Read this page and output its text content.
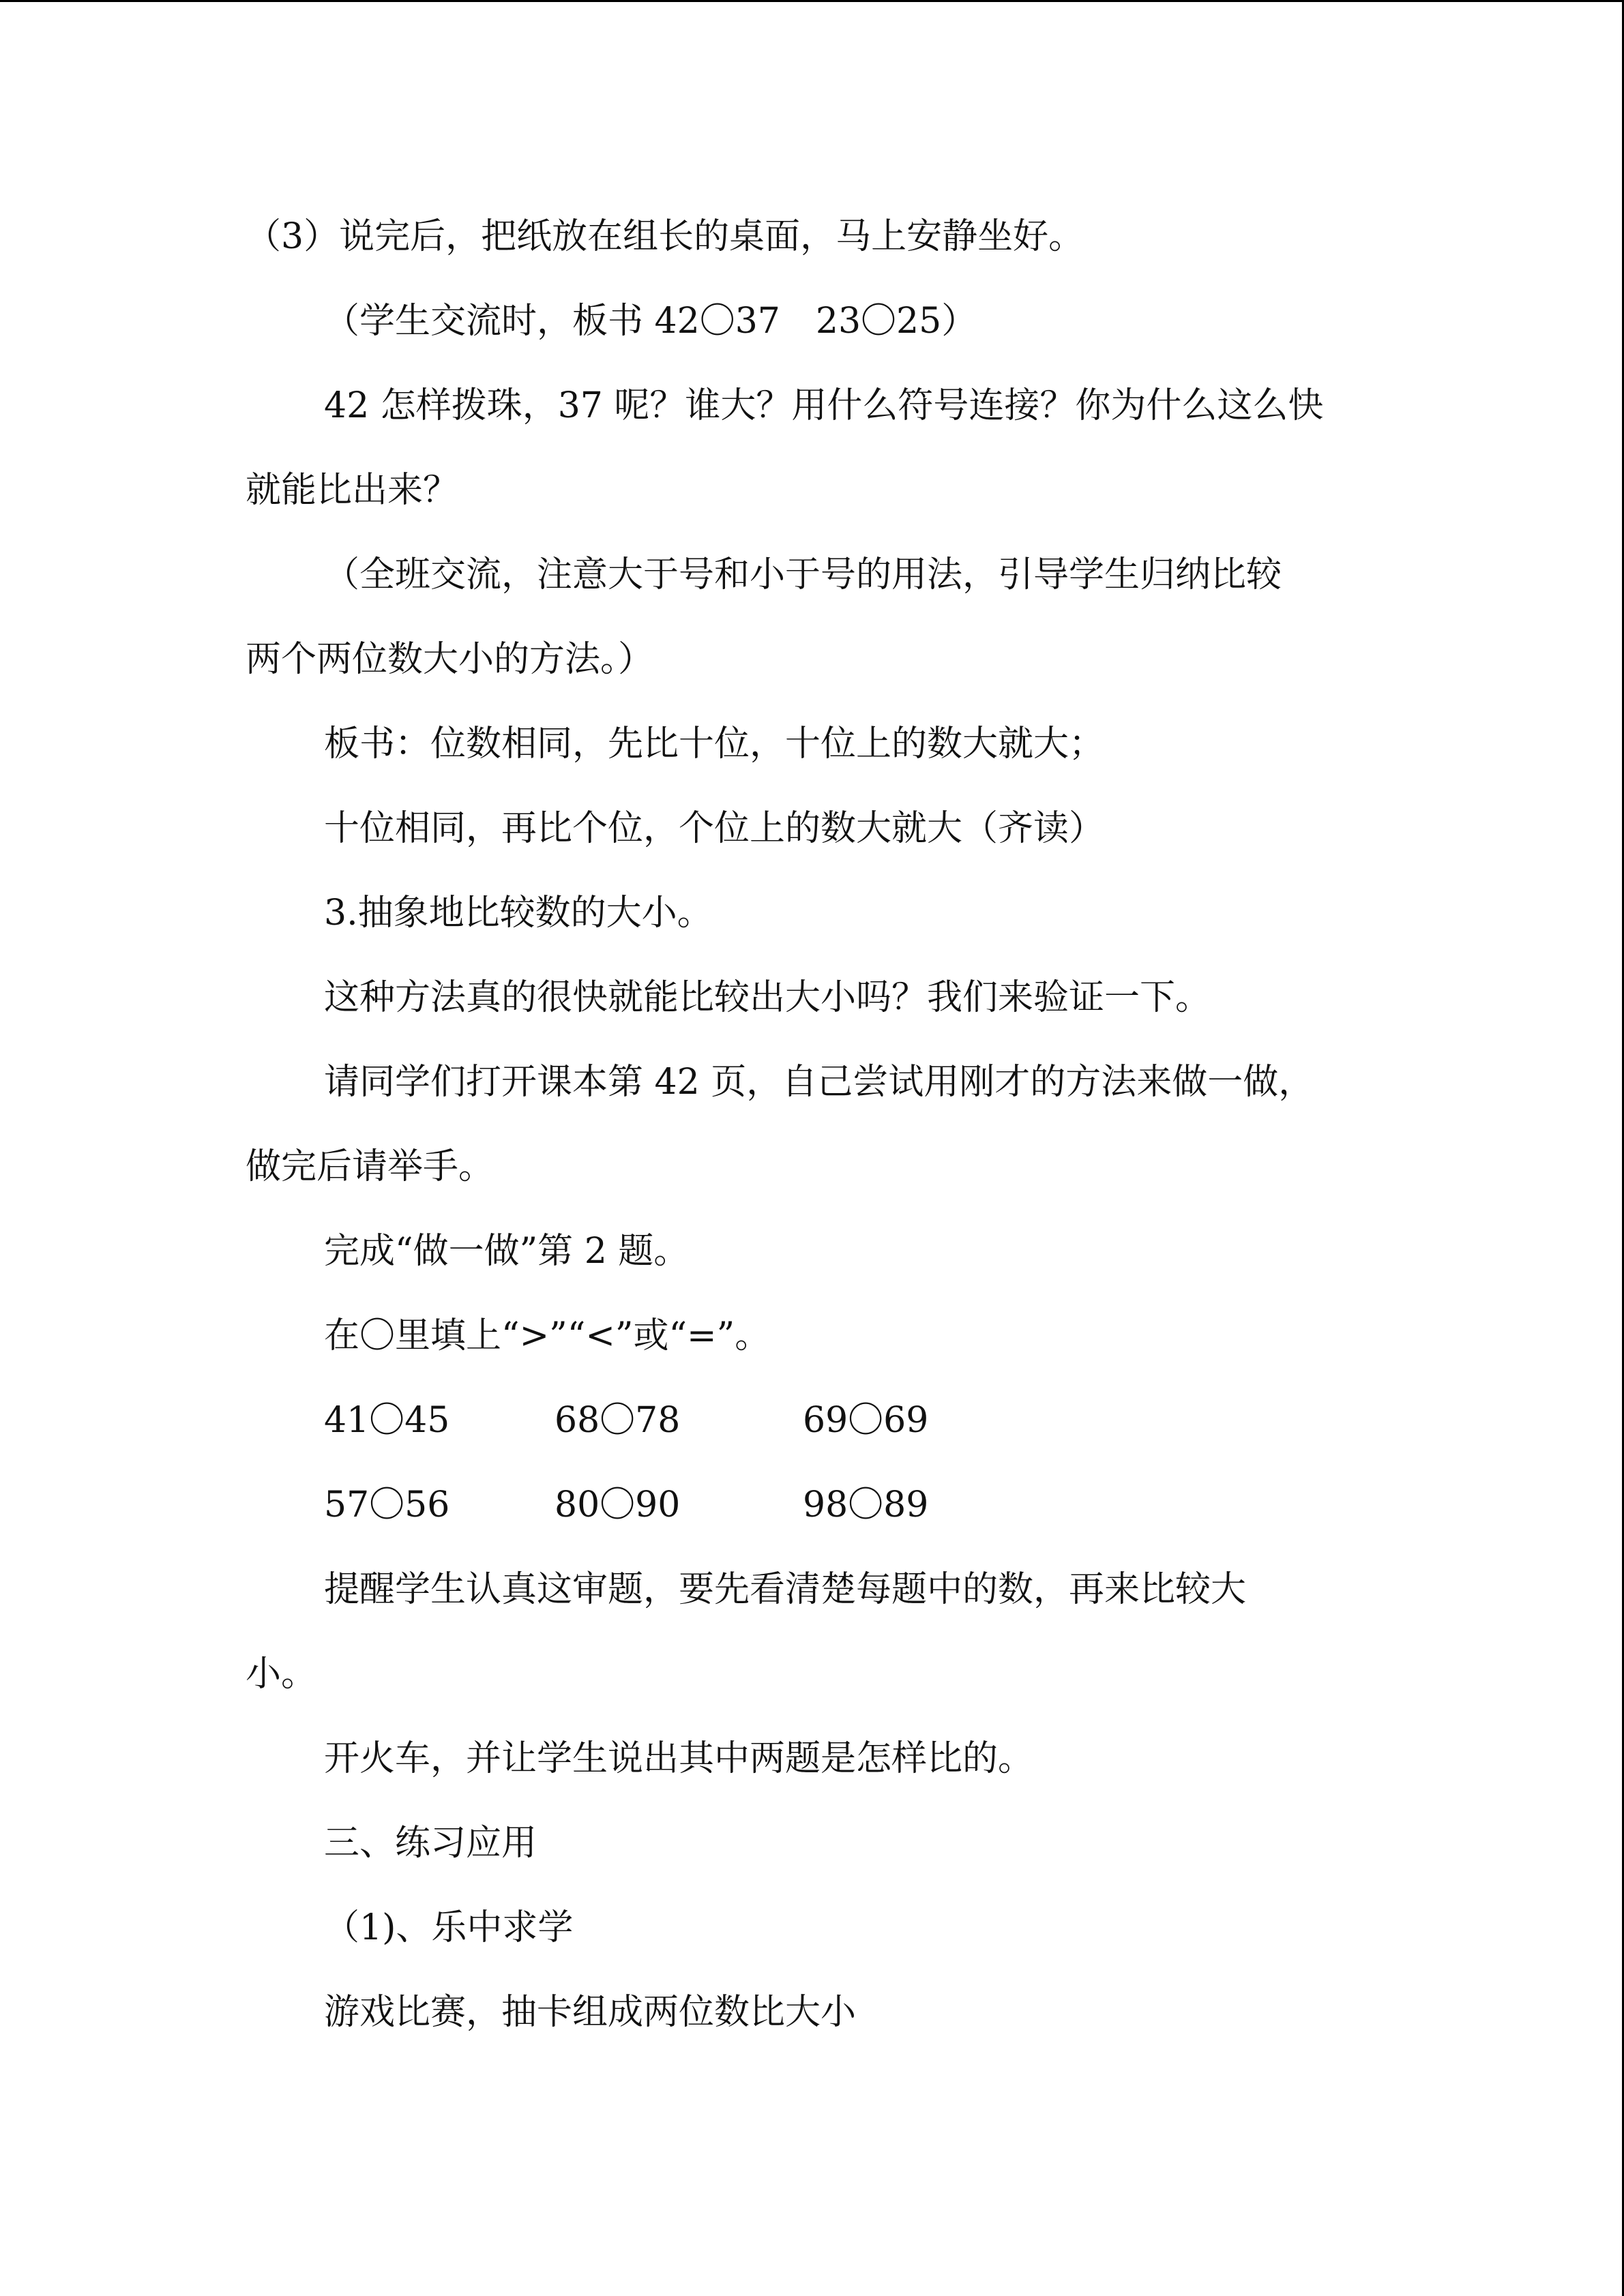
（3）说完后，把纸放在组长的桌面，马上安静坐好。
（学生交流时，板书 42〇37　23〇25）
42 怎样拨珠，37 呢？谁大？用什么符号连接？你为什么这么快
就能比出来？
（全班交流，注意大于号和小于号的用法，引导学生归纳比较
两个两位数大小的方法。）
板书：位数相同，先比十位，十位上的数大就大；
十位相同，再比个位，个位上的数大就大（齐读）
3.抽象地比较数的大小。
这种方法真的很快就能比较出大小吗？我们来验证一下。
请同学们打开课本第 42 页，自己尝试用刚才的方法来做一做，
做完后请举手。
完成“做一做”第 2 题。
在〇里填上“>”“<”或“=”。
41〇45	68〇78	69〇69
57〇56	80〇90	98〇89
提醒学生认真这审题，要先看清楚每题中的数，再来比较大
小。
开火车，并让学生说出其中两题是怎样比的。
三、练习应用
（1)、乐中求学
游戏比赛，抽卡组成两位数比大小
